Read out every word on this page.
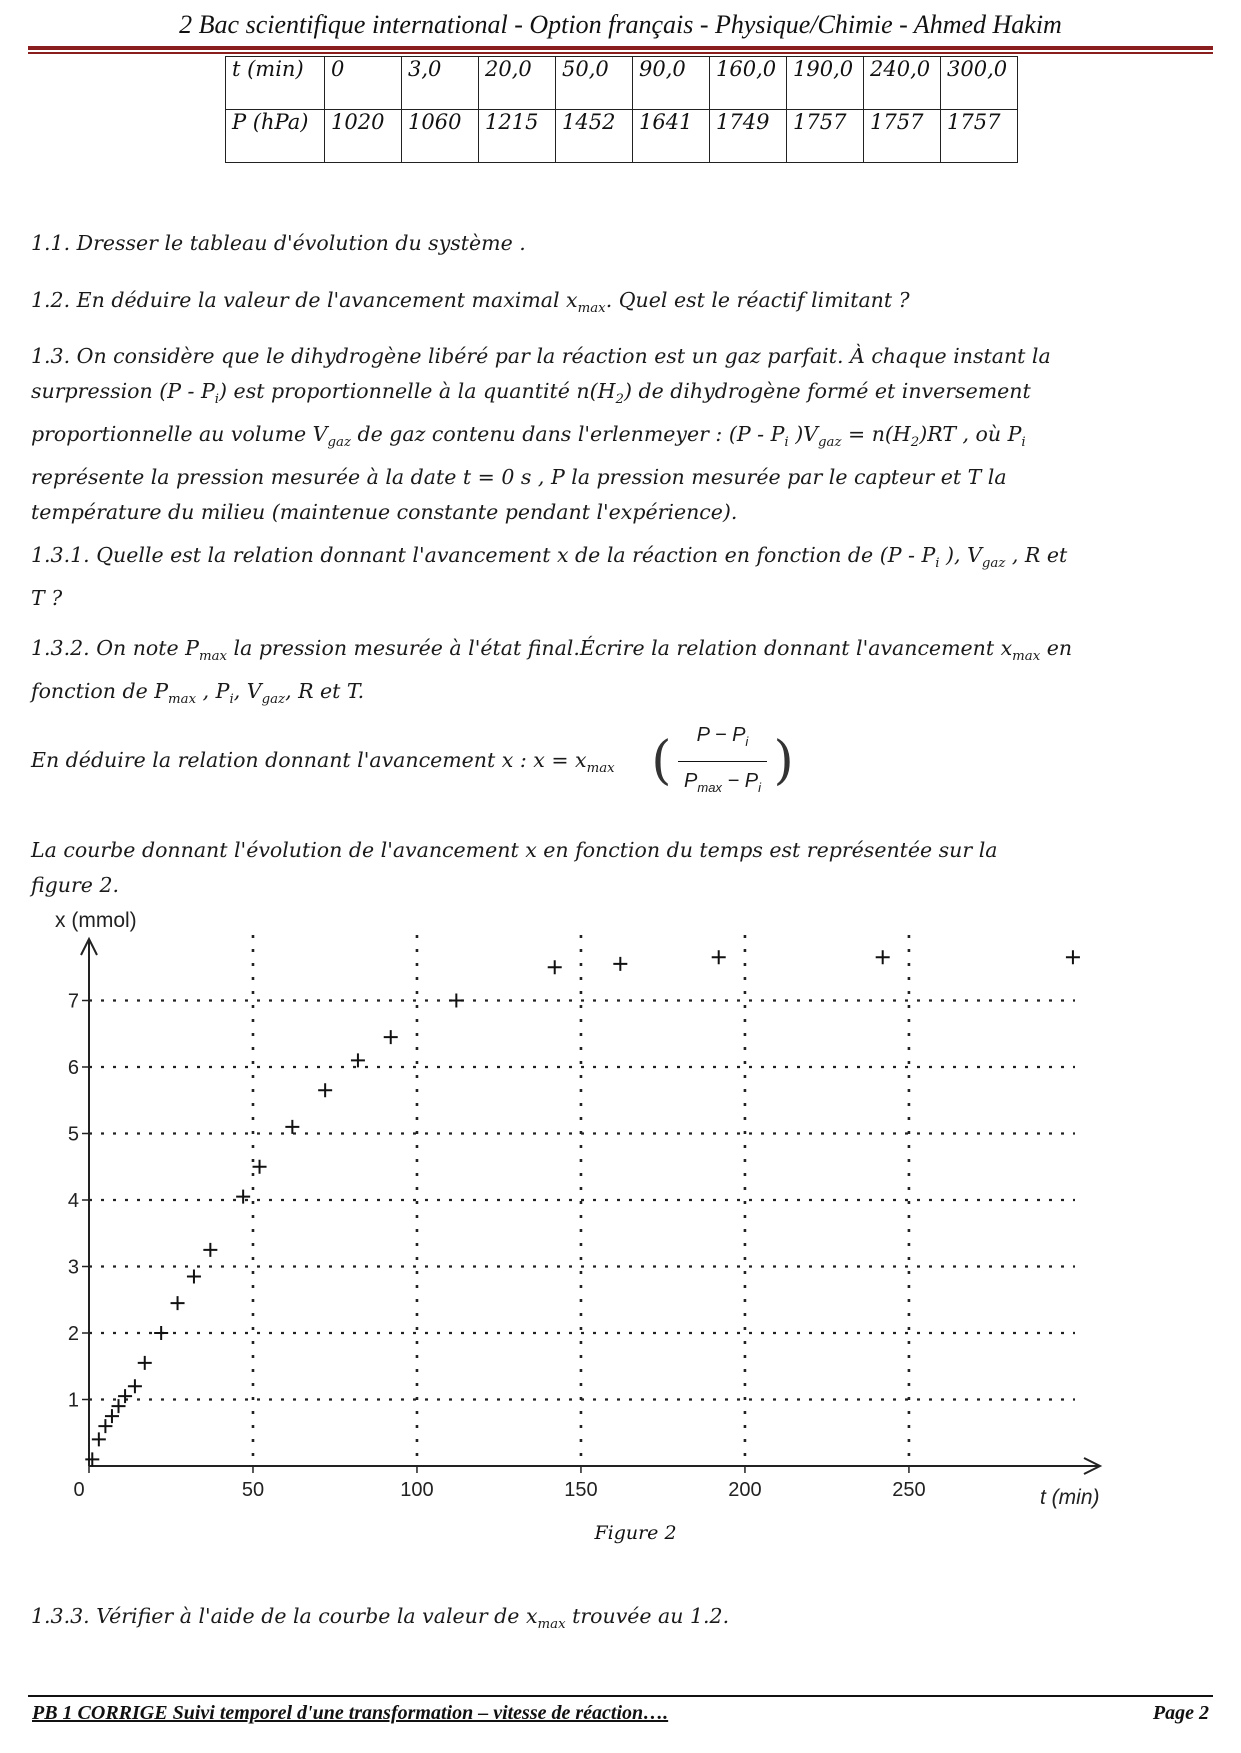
2 Bac scientifique international - Option français - Physique/Chimie - Ahmed Hakim
t (min)	0	3,0	20,0	50,0	90,0	160,0	190,0	240,0	300,0
P (hPa)	1020	1060	1215	1452	1641	1749	1757	1757	1757
1.1. Dresser le tableau d'évolution du système .
1.2. En déduire la valeur de l'avancement maximal $x_{max}$. Quel est le réactif limitant ?
1.3. On considère que le dihydrogène libéré par la réaction est un gaz parfait. À chaque instant la
surpression $(P - P_i)$ est proportionnelle à la quantité $n(H_2)$ de dihydrogène formé et inversement
proportionnelle au volume $V_{gaz}$ de gaz contenu dans l'erlenmeyer : ($P - P_i$ )$V_{gaz} = n(H_2)RT$ , où $P_i$
représente la pression mesurée à la date t = 0 s , P la pression mesurée par le capteur et T la
température du milieu (maintenue constante pendant l'expérience).
1.3.1. Quelle est la relation donnant l'avancement x de la réaction en fonction de ($P - P_i$ ), $V_{gaz}$ , R et
T ?
1.3.2. On note $P_{max}$ la pression mesurée à l'état final.Écrire la relation donnant l'avancement $x_{max}$ en
fonction de $P_{max}$ , $P_i$, $V_{gaz}$, R et T.
En déduire la relation donnant l'avancement x : $x = x_{max}$ ( $\frac{P - P_i}{P_{max} - P_i}$ )
La courbe donnant l'évolution de l'avancement x en fonction du temps est représentée sur la
figure 2.
0	50	100	150	200	250
1
2
3
4
5
6
7
x (mmol)
t (min)
Figure 2
1.3.3. Vérifier à l'aide de la courbe la valeur de $x_{max}$ trouvée au 1.2.
PB 1 CORRIGE Suivi temporel d'une transformation – vitesse de réaction….	Page 2
